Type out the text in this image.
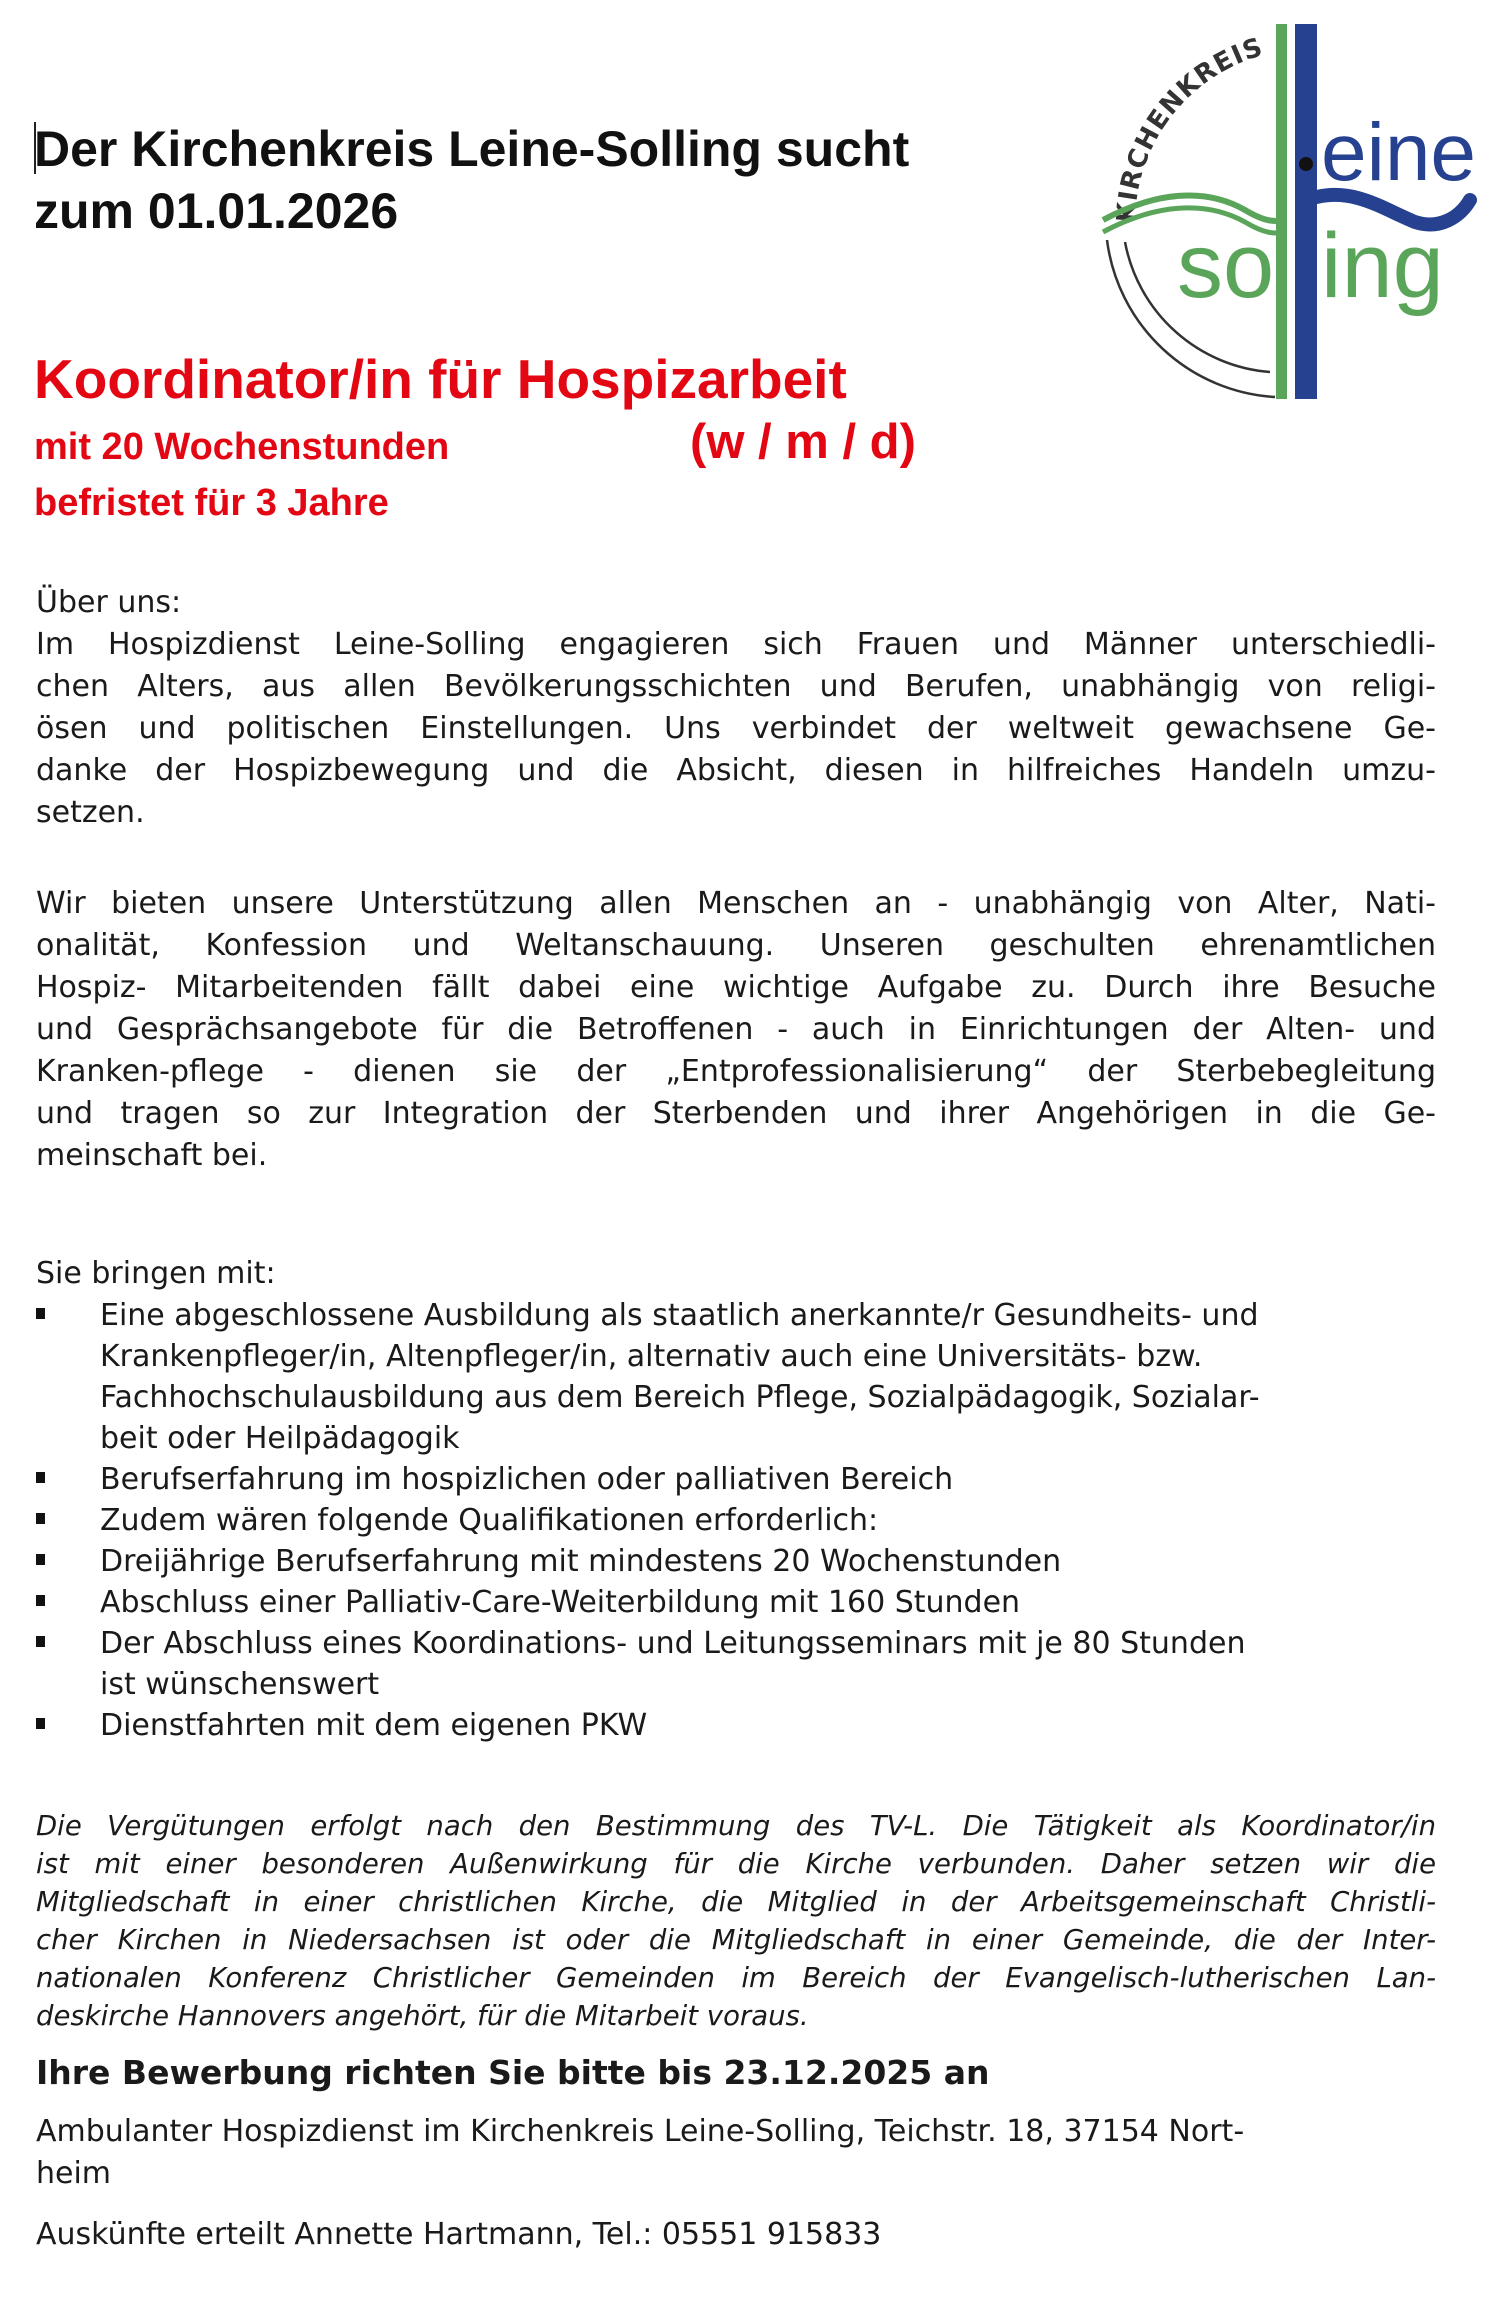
Der Kirchenkreis Leine-Solling sucht
zum 01.01.2026	KIRCHENKREIS
eine
so ing
Koordinator/in für Hospizarbeit
mit 20 Wochenstunden	(w / m / d)
befristet für 3 Jahre
Über uns:
Im Hospizdienst Leine-Solling engagieren sich Frauen und Männer unterschiedli-
chen Alters, aus allen Bevölkerungsschichten und Berufen, unabhängig von religi-
ösen und politischen Einstellungen. Uns verbindet der weltweit gewachsene Ge-
danke der Hospizbewegung und die Absicht, diesen in hilfreiches Handeln umzu-
setzen.
Wir bieten unsere Unterstützung allen Menschen an - unabhängig von Alter, Nati-
onalität, Konfession und Weltanschauung. Unseren geschulten ehrenamtlichen
Hospiz- Mitarbeitenden fällt dabei eine wichtige Aufgabe zu. Durch ihre Besuche
und Gesprächsangebote für die Betroffenen - auch in Einrichtungen der Alten- und
Kranken-pflege - dienen sie der „Entprofessionalisierung“ der Sterbebegleitung
und tragen so zur Integration der Sterbenden und ihrer Angehörigen in die Ge-
meinschaft bei.
Sie bringen mit:
Eine abgeschlossene Ausbildung als staatlich anerkannte/r Gesundheits- und
Krankenpfleger/in, Altenpfleger/in, alternativ auch eine Universitäts- bzw.
Fachhochschulausbildung aus dem Bereich Pflege, Sozialpädagogik, Sozialar-
beit oder Heilpädagogik
Berufserfahrung im hospizlichen oder palliativen Bereich
Zudem wären folgende Qualifikationen erforderlich:
Dreijährige Berufserfahrung mit mindestens 20 Wochenstunden
Abschluss einer Palliativ-Care-Weiterbildung mit 160 Stunden
Der Abschluss eines Koordinations- und Leitungsseminars mit je 80 Stunden
ist wünschenswert
Dienstfahrten mit dem eigenen PKW
Die Vergütungen erfolgt nach den Bestimmung des TV-L. Die Tätigkeit als Koordinator/in
ist mit einer besonderen Außenwirkung für die Kirche verbunden. Daher setzen wir die
Mitgliedschaft in einer christlichen Kirche, die Mitglied in der Arbeitsgemeinschaft Christli-
cher Kirchen in Niedersachsen ist oder die Mitgliedschaft in einer Gemeinde, die der Inter-
nationalen Konferenz Christlicher Gemeinden im Bereich der Evangelisch-lutherischen Lan-
deskirche Hannovers angehört, für die Mitarbeit voraus.
Ihre Bewerbung richten Sie bitte bis 23.12.2025 an
Ambulanter Hospizdienst im Kirchenkreis Leine-Solling, Teichstr. 18, 37154 Nort-
heim
Auskünfte erteilt Annette Hartmann, Tel.: 05551 915833
